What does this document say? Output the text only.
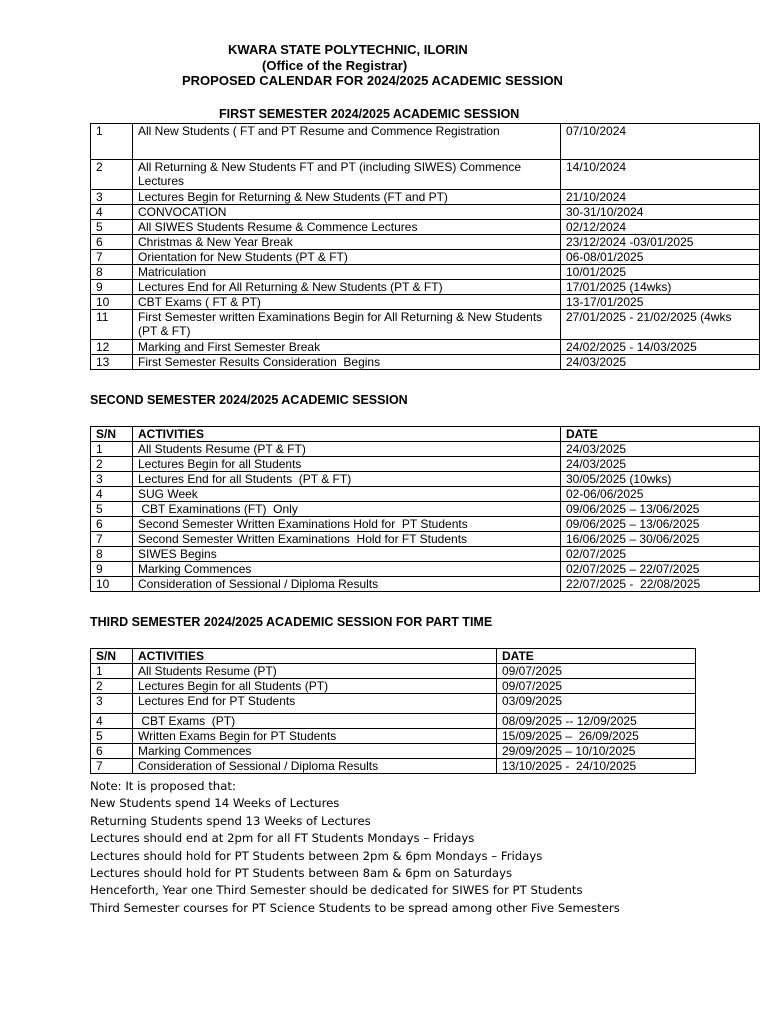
KWARA STATE POLYTECHNIC, ILORIN
(Office of the Registrar)
PROPOSED CALENDAR FOR 2024/2025 ACADEMIC SESSION
FIRST SEMESTER 2024/2025 ACADEMIC SESSION
1	All New Students ( FT and PT Resume and Commence Registration	07/10/2024
2	All Returning & New Students FT and PT (including SIWES) Commence Lectures	14/10/2024
3	Lectures Begin for Returning & New Students (FT and PT)	21/10/2024
4	CONVOCATION	30-31/10/2024
5	All SIWES Students Resume & Commence Lectures	02/12/2024
6	Christmas & New Year Break	23/12/2024 -03/01/2025
7	Orientation for New Students (PT & FT)	06-08/01/2025
8	Matriculation	10/01/2025
9	Lectures End for All Returning & New Students (PT & FT)	17/01/2025 (14wks)
10	CBT Exams ( FT & PT)	13-17/01/2025
11	First Semester written Examinations Begin for All Returning & New Students (PT & FT)	27/01/2025 - 21/02/2025 (4wks
12	Marking and First Semester Break	24/02/2025 - 14/03/2025
13	First Semester Results Consideration  Begins	24/03/2025
SECOND SEMESTER 2024/2025 ACADEMIC SESSION
S/N	ACTIVITIES	DATE
1	All Students Resume (PT & FT)	24/03/2025
2	Lectures Begin for all Students	24/03/2025
3	Lectures End for all Students  (PT & FT)	30/05/2025 (10wks)
4	SUG Week	02-06/06/2025
5	CBT Examinations (FT)  Only	09/06/2025 – 13/06/2025
6	Second Semester Written Examinations Hold for  PT Students	09/06/2025 – 13/06/2025
7	Second Semester Written Examinations  Hold for FT Students	16/06/2025 – 30/06/2025
8	SIWES Begins	02/07/2025
9	Marking Commences	02/07/2025 – 22/07/2025
10	Consideration of Sessional / Diploma Results	22/07/2025 -  22/08/2025
THIRD SEMESTER 2024/2025 ACADEMIC SESSION FOR PART TIME
S/N	ACTIVITIES	DATE
1	All Students Resume (PT)	09/07/2025
2	Lectures Begin for all Students (PT)	09/07/2025
3	Lectures End for PT Students	03/09/2025
4	CBT Exams  (PT)	08/09/2025 -- 12/09/2025
5	Written Exams Begin for PT Students	15/09/2025 –  26/09/2025
6	Marking Commences	29/09/2025 – 10/10/2025
7	Consideration of Sessional / Diploma Results	13/10/2025 -  24/10/2025
Note: It is proposed that:
New Students spend 14 Weeks of Lectures
Returning Students spend 13 Weeks of Lectures
Lectures should end at 2pm for all FT Students Mondays – Fridays
Lectures should hold for PT Students between 2pm & 6pm Mondays – Fridays
Lectures should hold for PT Students between 8am & 6pm on Saturdays
Henceforth, Year one Third Semester should be dedicated for SIWES for PT Students
Third Semester courses for PT Science Students to be spread among other Five Semesters
